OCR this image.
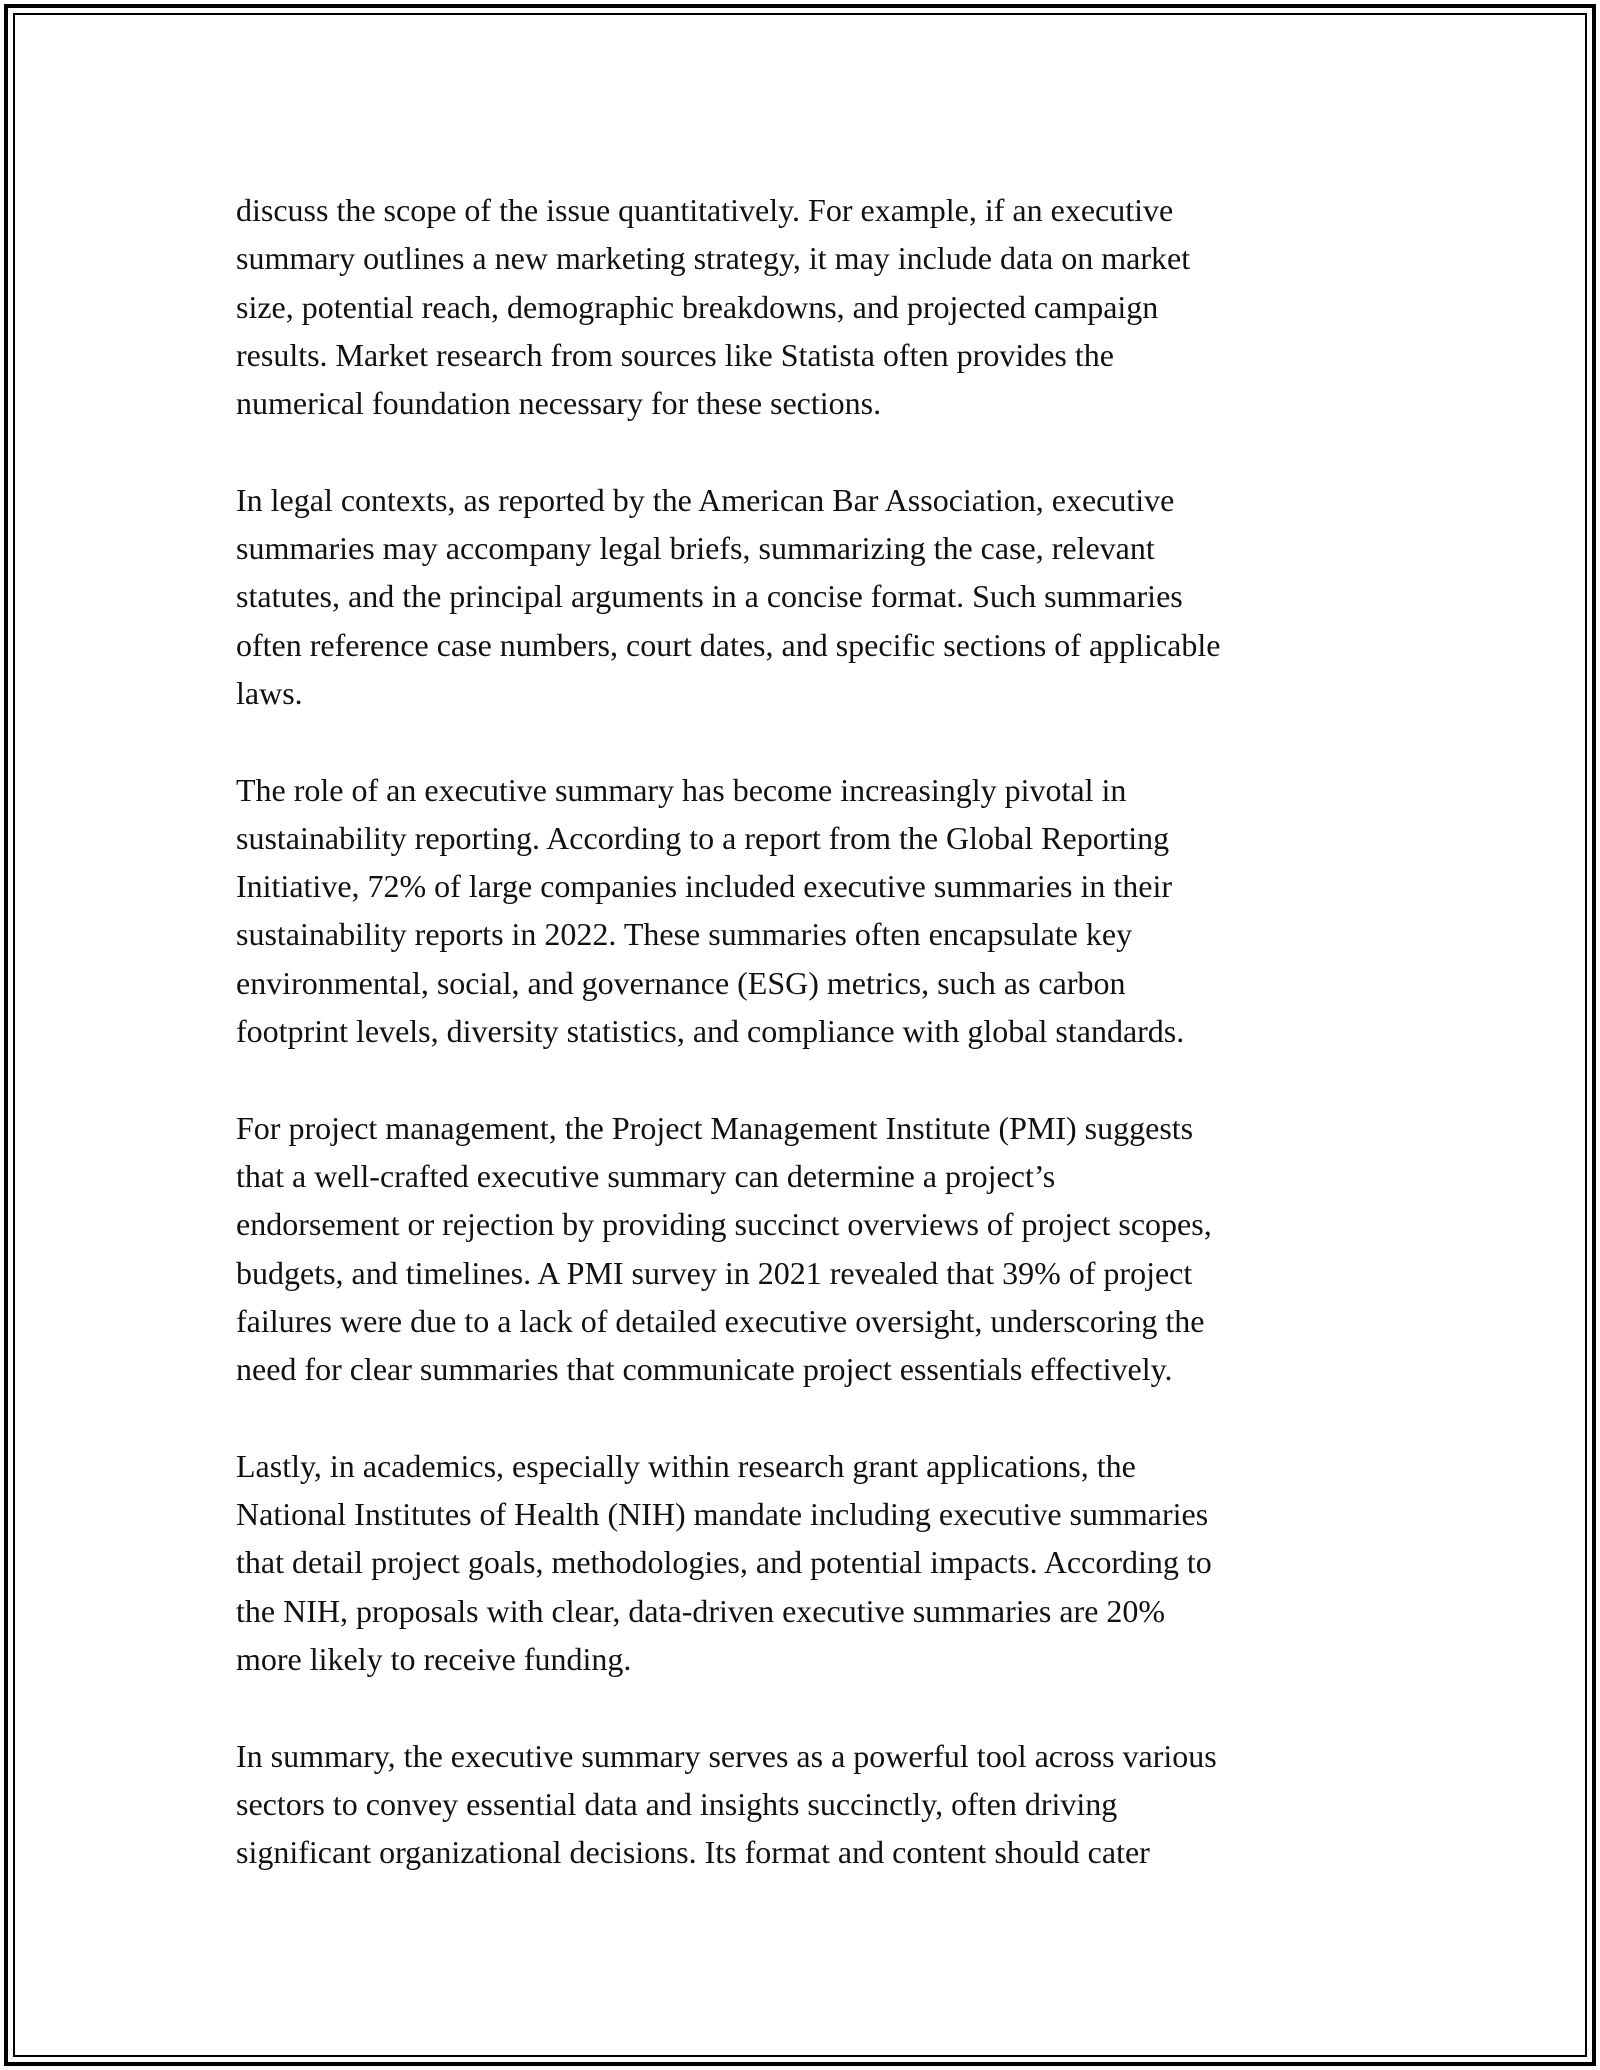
discuss the scope of the issue quantitatively. For example, if an executive
summary outlines a new marketing strategy, it may include data on market
size, potential reach, demographic breakdowns, and projected campaign
results. Market research from sources like Statista often provides the
numerical foundation necessary for these sections.

In legal contexts, as reported by the American Bar Association, executive
summaries may accompany legal briefs, summarizing the case, relevant
statutes, and the principal arguments in a concise format. Such summaries
often reference case numbers, court dates, and specific sections of applicable
laws.

The role of an executive summary has become increasingly pivotal in
sustainability reporting. According to a report from the Global Reporting
Initiative, 72% of large companies included executive summaries in their
sustainability reports in 2022. These summaries often encapsulate key
environmental, social, and governance (ESG) metrics, such as carbon
footprint levels, diversity statistics, and compliance with global standards.

For project management, the Project Management Institute (PMI) suggests
that a well-crafted executive summary can determine a project’s
endorsement or rejection by providing succinct overviews of project scopes,
budgets, and timelines. A PMI survey in 2021 revealed that 39% of project
failures were due to a lack of detailed executive oversight, underscoring the
need for clear summaries that communicate project essentials effectively.

Lastly, in academics, especially within research grant applications, the
National Institutes of Health (NIH) mandate including executive summaries
that detail project goals, methodologies, and potential impacts. According to
the NIH, proposals with clear, data-driven executive summaries are 20%
more likely to receive funding.

In summary, the executive summary serves as a powerful tool across various
sectors to convey essential data and insights succinctly, often driving
significant organizational decisions. Its format and content should cater
